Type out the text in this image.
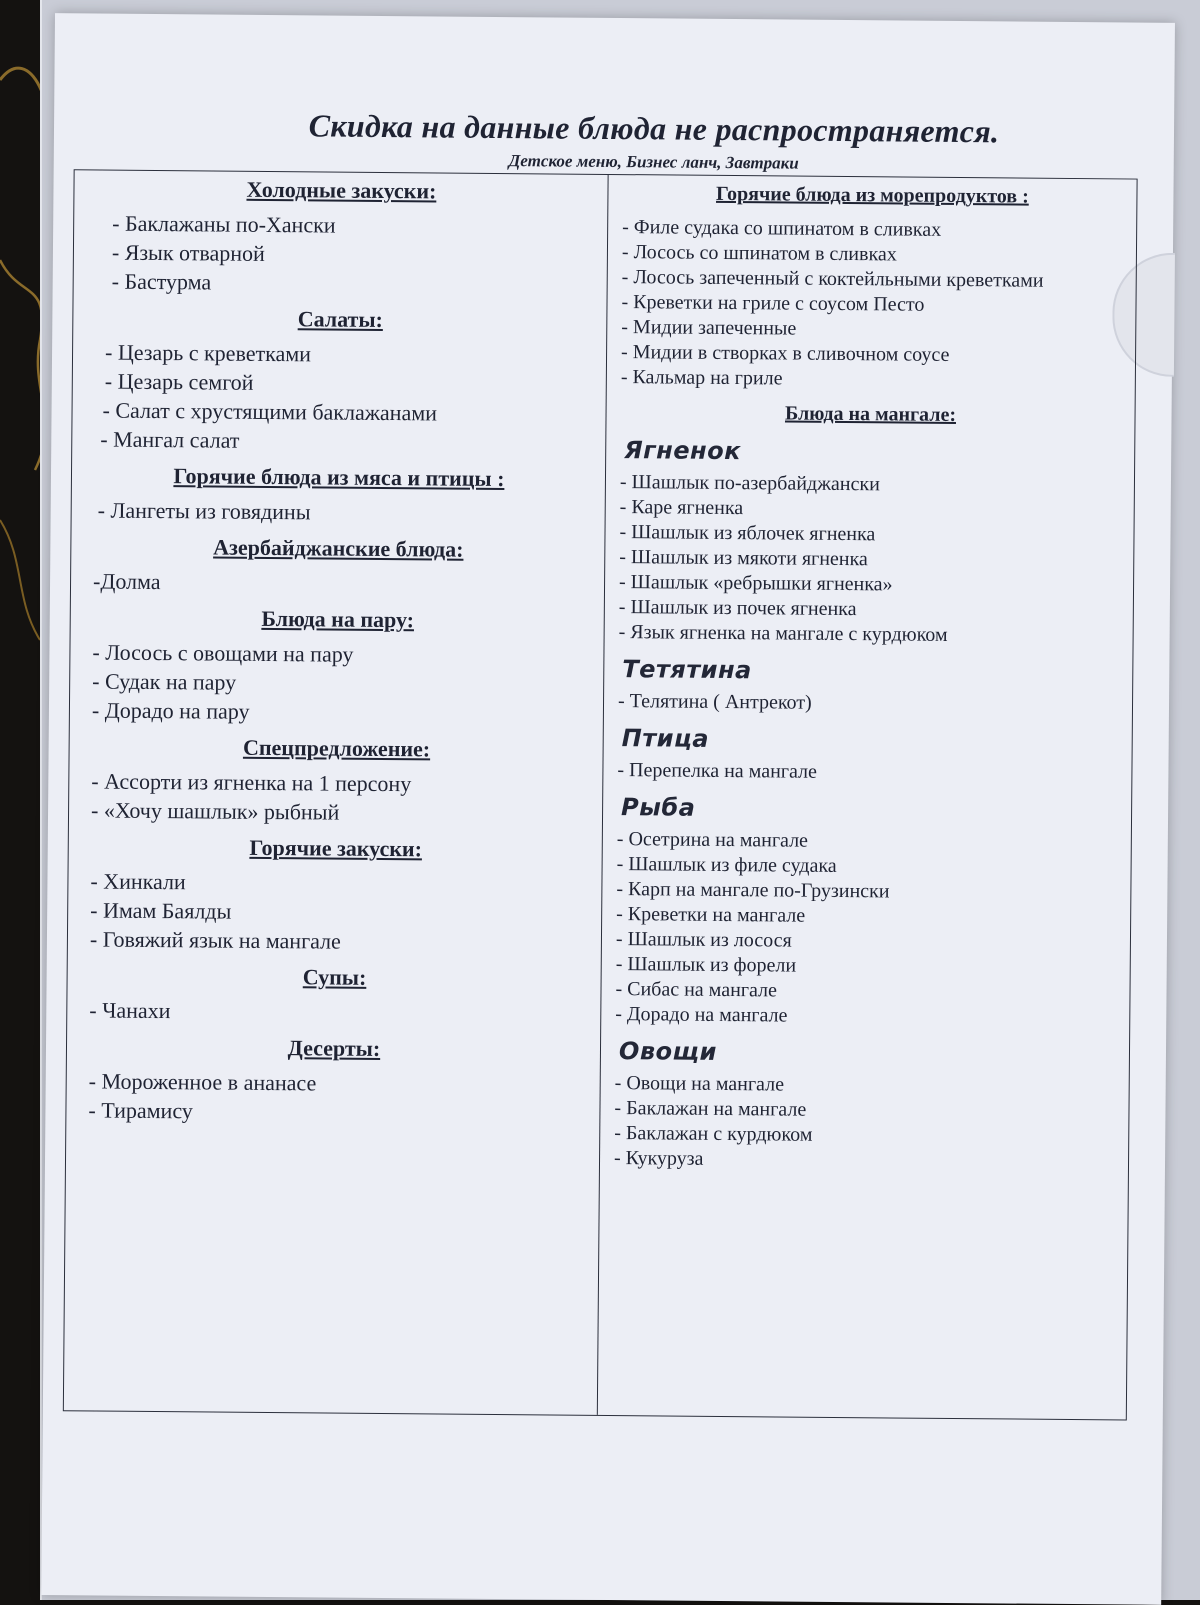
Скидка на данные блюда не распространяется.
Детское меню, Бизнес ланч, Завтраки

Холодные закуски:

- Баклажаны по-Хански

- Язык отварной

- Бастурма

Салаты:

- Цезарь с креветками

- Цезарь семгой

- Салат с хрустящими баклажанами

- Мангал салат

Горячие блюда из мяса и птицы :

- Лангеты из говядины

Азербайджанские блюда:

-Долма

Блюда на пару:

- Лосось с овощами на пару

- Судак на пару

- Дорадо на пару

Спецпредложение:

- Ассорти из ягненка на 1 персону

- «Хочу шашлык» рыбный

Горячие закуски:

- Хинкали

- Имам Баялды

- Говяжий язык на мангале

Супы:

- Чанахи

Десерты:

- Мороженное в ананасе

- Тирамису

Горячие блюда из морепродуктов :

- Филе судака со шпинатом в сливках

- Лосось со шпинатом в сливках

- Лосось запеченный с коктейльными креветками

- Креветки на гриле с соусом Песто

- Мидии запеченные

- Мидии в створках в сливочном соусе

- Кальмар на гриле

Блюда на мангале:

Ягненок

- Шашлык по-азербайджански

- Каре ягненка

- Шашлык из яблочек ягненка

- Шашлык из мякоти ягненка

- Шашлык «ребрышки ягненка»

- Шашлык из почек ягненка

- Язык ягненка на мангале с курдюком

Тетятина

- Телятина ( Антрекот)

Птица

- Перепелка на мангале

Рыба

- Осетрина на мангале

- Шашлык из филе судака

- Карп на мангале по-Грузински

- Креветки на мангале

- Шашлык из лосося

- Шашлык из форели

- Сибас на мангале

- Дорадо на мангале

Овощи

- Овощи на мангале

- Баклажан на мангале

- Баклажан с курдюком

- Кукуруза
